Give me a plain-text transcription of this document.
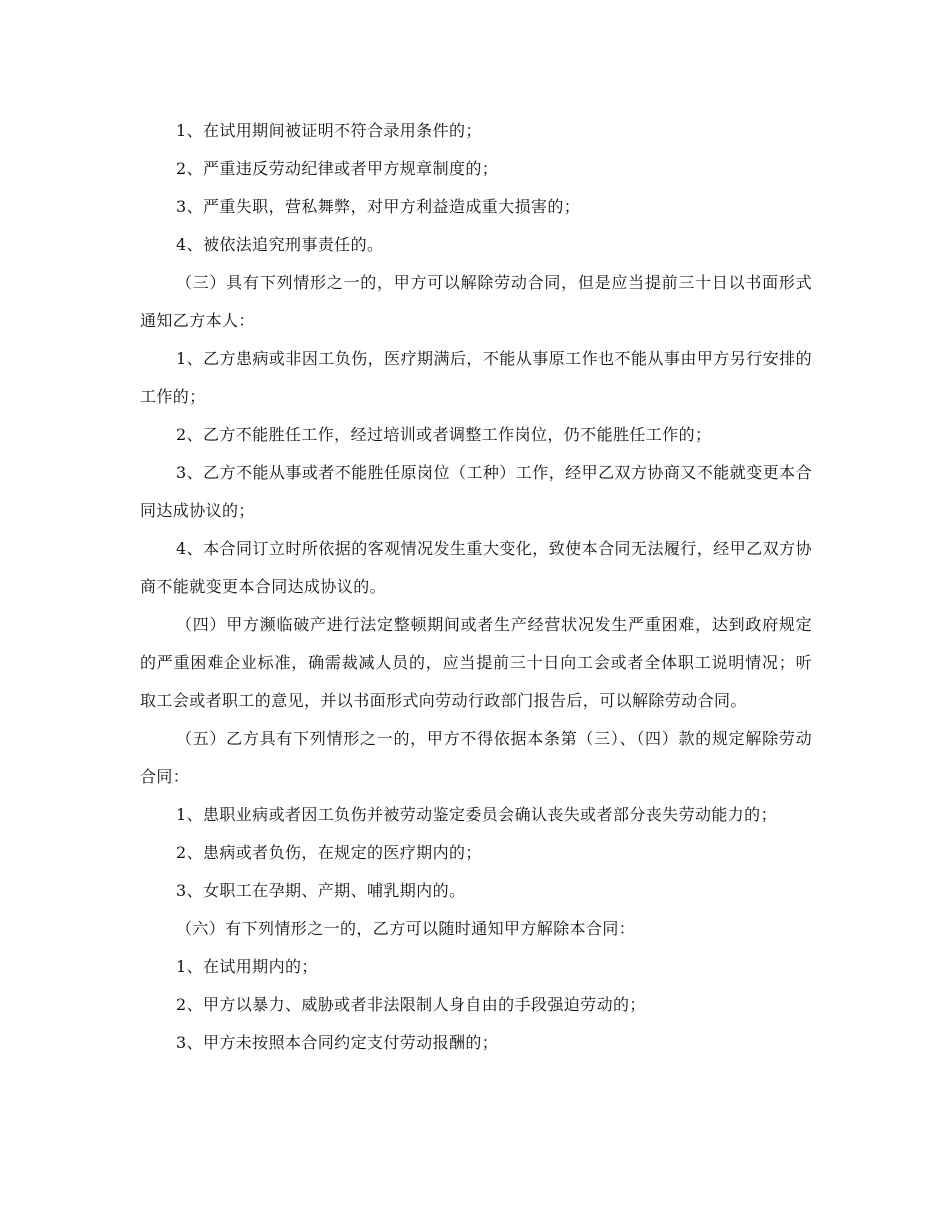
1、在试用期间被证明不符合录用条件的；

2、严重违反劳动纪律或者甲方规章制度的；

3、严重失职，营私舞弊，对甲方利益造成重大损害的；

4、被依法追究刑事责任的。

（三）具有下列情形之一的，甲方可以解除劳动合同，但是应当提前三十日以书面形式通知乙方本人：

1、乙方患病或非因工负伤，医疗期满后，不能从事原工作也不能从事由甲方另行安排的工作的；

2、乙方不能胜任工作，经过培训或者调整工作岗位，仍不能胜任工作的；

3、乙方不能从事或者不能胜任原岗位（工种）工作，经甲乙双方协商又不能就变更本合同达成协议的；

4、本合同订立时所依据的客观情况发生重大变化，致使本合同无法履行，经甲乙双方协商不能就变更本合同达成协议的。

（四）甲方濒临破产进行法定整顿期间或者生产经营状况发生严重困难，达到政府规定的严重困难企业标准，确需裁减人员的，应当提前三十日向工会或者全体职工说明情况；听取工会或者职工的意见，并以书面形式向劳动行政部门报告后，可以解除劳动合同。

（五）乙方具有下列情形之一的，甲方不得依据本条第（三）、（四）款的规定解除劳动合同：

1、患职业病或者因工负伤并被劳动鉴定委员会确认丧失或者部分丧失劳动能力的；

2、患病或者负伤，在规定的医疗期内的；

3、女职工在孕期、产期、哺乳期内的。

（六）有下列情形之一的，乙方可以随时通知甲方解除本合同：

1、在试用期内的；

2、甲方以暴力、威胁或者非法限制人身自由的手段强迫劳动的；

3、甲方未按照本合同约定支付劳动报酬的；
